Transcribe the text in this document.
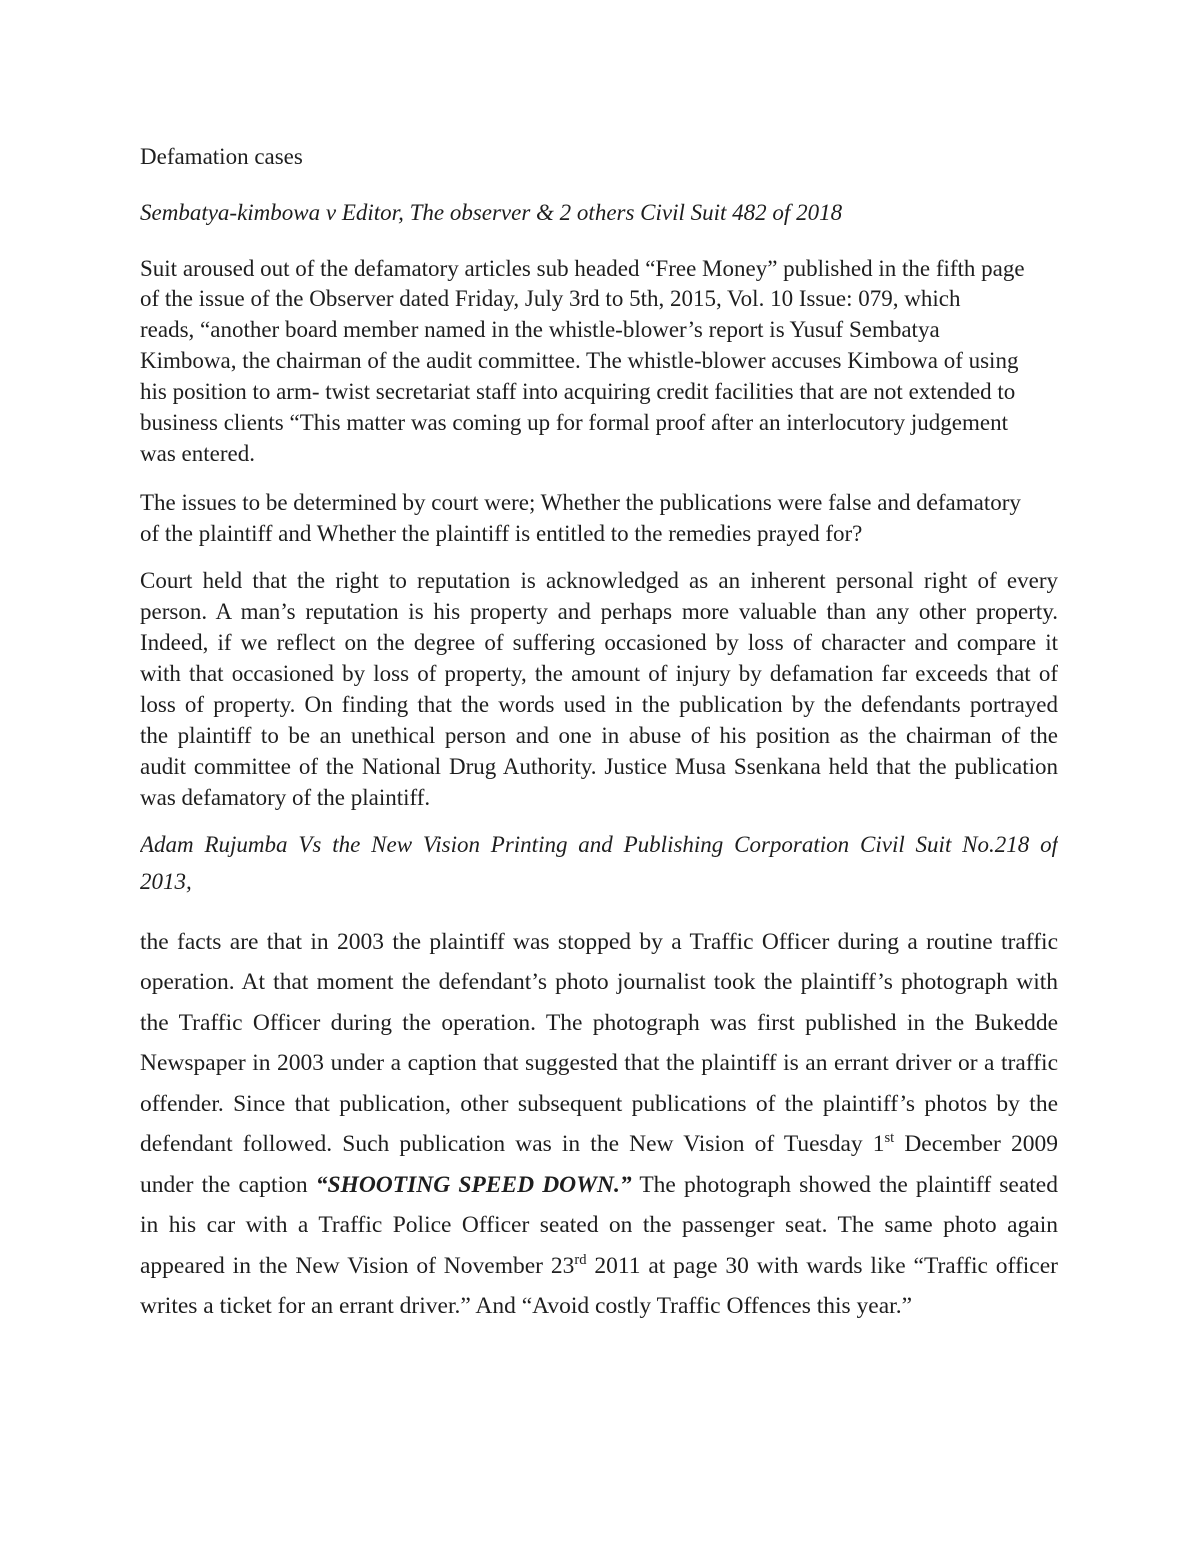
Defamation cases
Sembatya-kimbowa v Editor, The observer & 2 others Civil Suit 482 of 2018
Suit aroused out of the defamatory articles sub headed “Free Money” published in the fifth page
of the issue of the Observer dated Friday, July 3rd to 5th, 2015, Vol. 10 Issue: 079, which
reads, “another board member named in the whistle-blower’s report is Yusuf Sembatya
Kimbowa, the chairman of the audit committee. The whistle-blower accuses Kimbowa of using
his position to arm- twist secretariat staff into acquiring credit facilities that are not extended to
business clients “This matter was coming up for formal proof after an interlocutory judgement
was entered.
The issues to be determined by court were; Whether the publications were false and defamatory
of the plaintiff and Whether the plaintiff is entitled to the remedies prayed for?
Court held that the right to reputation is acknowledged as an inherent personal right of every
person. A man’s reputation is his property and perhaps more valuable than any other property.
Indeed, if we reflect on the degree of suffering occasioned by loss of character and compare it
with that occasioned by loss of property, the amount of injury by defamation far exceeds that of
loss of property. On finding that the words used in the publication by the defendants portrayed
the plaintiff to be an unethical person and one in abuse of his position as the chairman of the
audit committee of the National Drug Authority. Justice Musa Ssenkana held that the publication
was defamatory of the plaintiff.
Adam Rujumba Vs the New Vision Printing and Publishing Corporation Civil Suit No.218 of
2013,
the facts are that in 2003 the plaintiff was stopped by a Traffic Officer during a routine traffic
operation. At that moment the defendant’s photo journalist took the plaintiff’s photograph with
the Traffic Officer during the operation. The photograph was first published in the Bukedde
Newspaper in 2003 under a caption that suggested that the plaintiff is an errant driver or a traffic
offender. Since that publication, other subsequent publications of the plaintiff’s photos by the
defendant followed. Such publication was in the New Vision of Tuesday 1st December 2009
under the caption “SHOOTING SPEED DOWN.” The photograph showed the plaintiff seated
in his car with a Traffic Police Officer seated on the passenger seat. The same photo again
appeared in the New Vision of November 23rd 2011 at page 30 with wards like “Traffic officer
writes a ticket for an errant driver.” And “Avoid costly Traffic Offences this year.”
